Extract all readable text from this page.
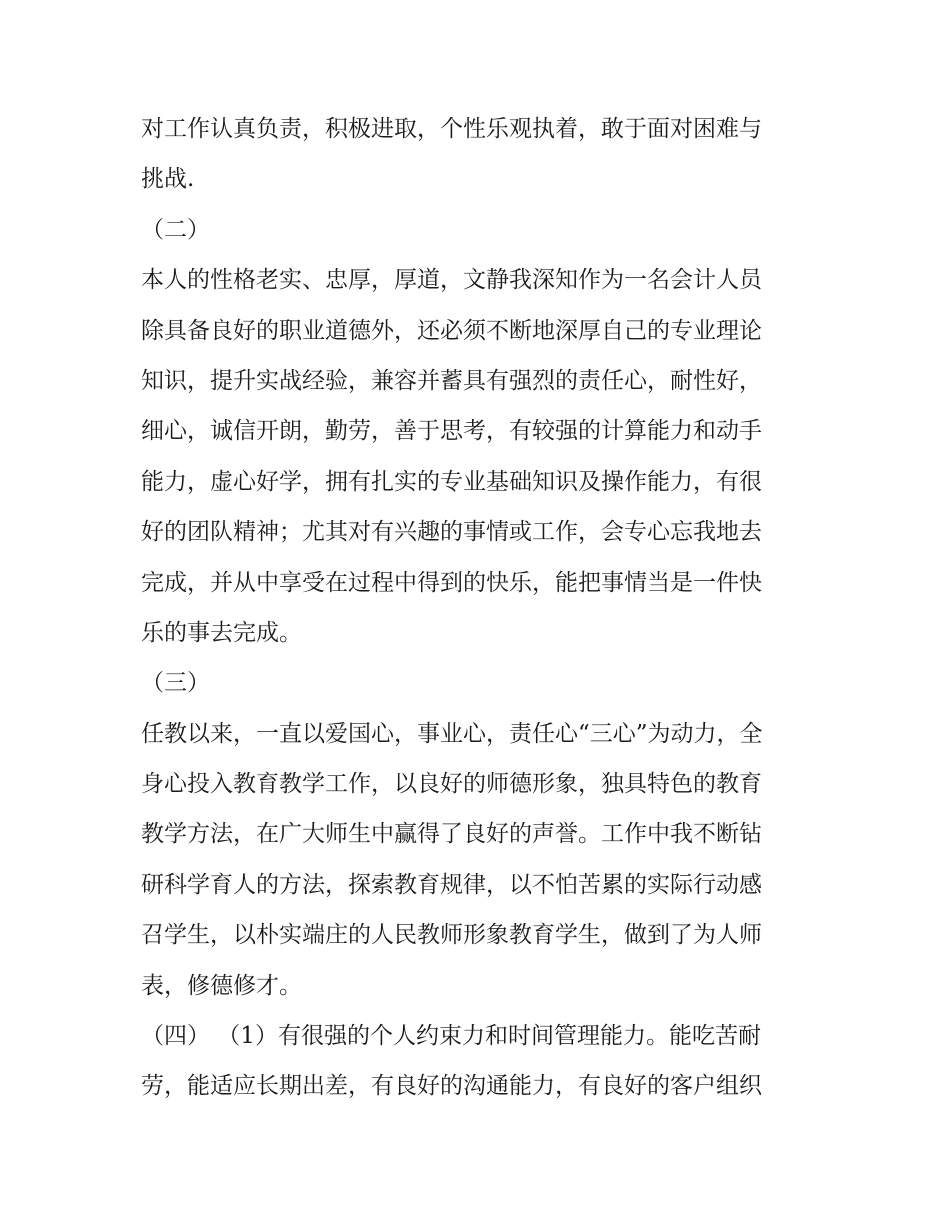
对工作认真负责，积极进取，个性乐观执着，敢于面对困难与
挑战.
（二）
本人的性格老实、忠厚，厚道，文静我深知作为一名会计人员
除具备良好的职业道德外，还必须不断地深厚自己的专业理论
知识，提升实战经验，兼容并蓄具有强烈的责任心，耐性好，
细心，诚信开朗，勤劳，善于思考，有较强的计算能力和动手
能力，虚心好学，拥有扎实的专业基础知识及操作能力，有很
好的团队精神；尤其对有兴趣的事情或工作，会专心忘我地去
完成，并从中享受在过程中得到的快乐，能把事情当是一件快
乐的事去完成。
（三）
任教以来，一直以爱国心，事业心，责任心“三心”为动力，全
身心投入教育教学工作，以良好的师德形象，独具特色的教育
教学方法，在广大师生中赢得了良好的声誉。工作中我不断钻
研科学育人的方法，探索教育规律，以不怕苦累的实际行动感
召学生，以朴实端庄的人民教师形象教育学生，做到了为人师
表，修德修才。
（四） （1）有很强的个人约束力和时间管理能力。能吃苦耐
劳，能适应长期出差，有良好的沟通能力，有良好的客户组织
